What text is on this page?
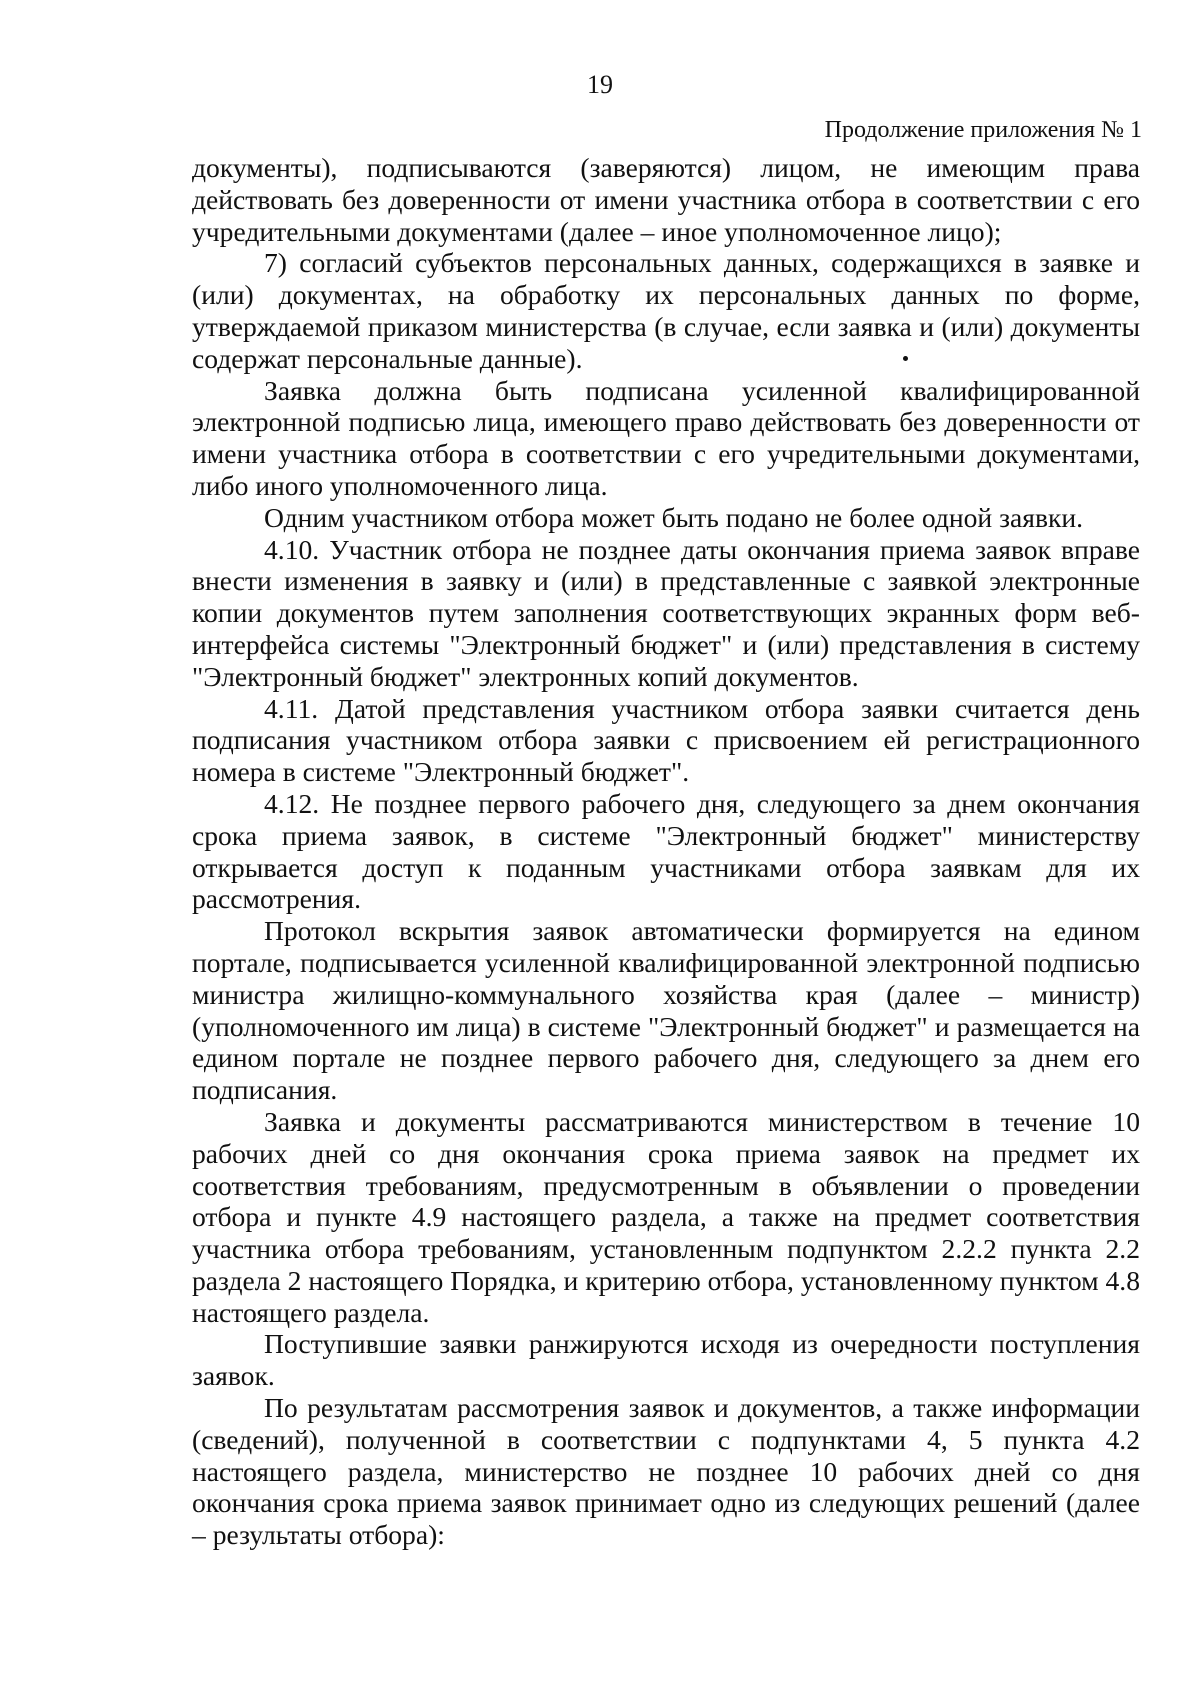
19
Продолжение приложения № 1

документы), подписываются (заверяются) лицом, не имеющим права действовать без доверенности от имени участника отбора в соответствии с его учредительными документами (далее – иное уполномоченное лицо);

7) согласий субъектов персональных данных, содержащихся в заявке и (или) документах, на обработку их персональных данных по форме, утверждаемой приказом министерства (в случае, если заявка и (или) документы содержат персональные данные).

Заявка должна быть подписана усиленной квалифицированной электронной подписью лица, имеющего право действовать без доверенности от имени участника отбора в соответствии с его учредительными документами, либо иного уполномоченного лица.

Одним участником отбора может быть подано не более одной заявки.

4.10. Участник отбора не позднее даты окончания приема заявок вправе внести изменения в заявку и (или) в представленные с заявкой электронные копии документов путем заполнения соответствующих экранных форм веб-интерфейса системы "Электронный бюджет" и (или) представления в систему "Электронный бюджет" электронных копий документов.

4.11. Датой представления участником отбора заявки считается день подписания участником отбора заявки с присвоением ей регистрационного номера в системе "Электронный бюджет".

4.12. Не позднее первого рабочего дня, следующего за днем окончания срока приема заявок, в системе "Электронный бюджет" министерству открывается доступ к поданным участниками отбора заявкам для их рассмотрения.

Протокол вскрытия заявок автоматически формируется на едином портале, подписывается усиленной квалифицированной электронной подписью министра жилищно-коммунального хозяйства края (далее – министр) (уполномоченного им лица) в системе "Электронный бюджет" и размещается на едином портале не позднее первого рабочего дня, следующего за днем его подписания.

Заявка и документы рассматриваются министерством в течение 10 рабочих дней со дня окончания срока приема заявок на предмет их соответствия требованиям, предусмотренным в объявлении о проведении отбора и пункте 4.9 настоящего раздела, а также на предмет соответствия участника отбора требованиям, установленным подпунктом 2.2.2 пункта 2.2 раздела 2 настоящего Порядка, и критерию отбора, установленному пунктом 4.8 настоящего раздела.

Поступившие заявки ранжируются исходя из очередности поступления заявок.

По результатам рассмотрения заявок и документов, а также информации (сведений), полученной в соответствии с подпунктами 4, 5 пункта 4.2 настоящего раздела, министерство не позднее 10 рабочих дней со дня окончания срока приема заявок принимает одно из следующих решений (далее – результаты отбора):
